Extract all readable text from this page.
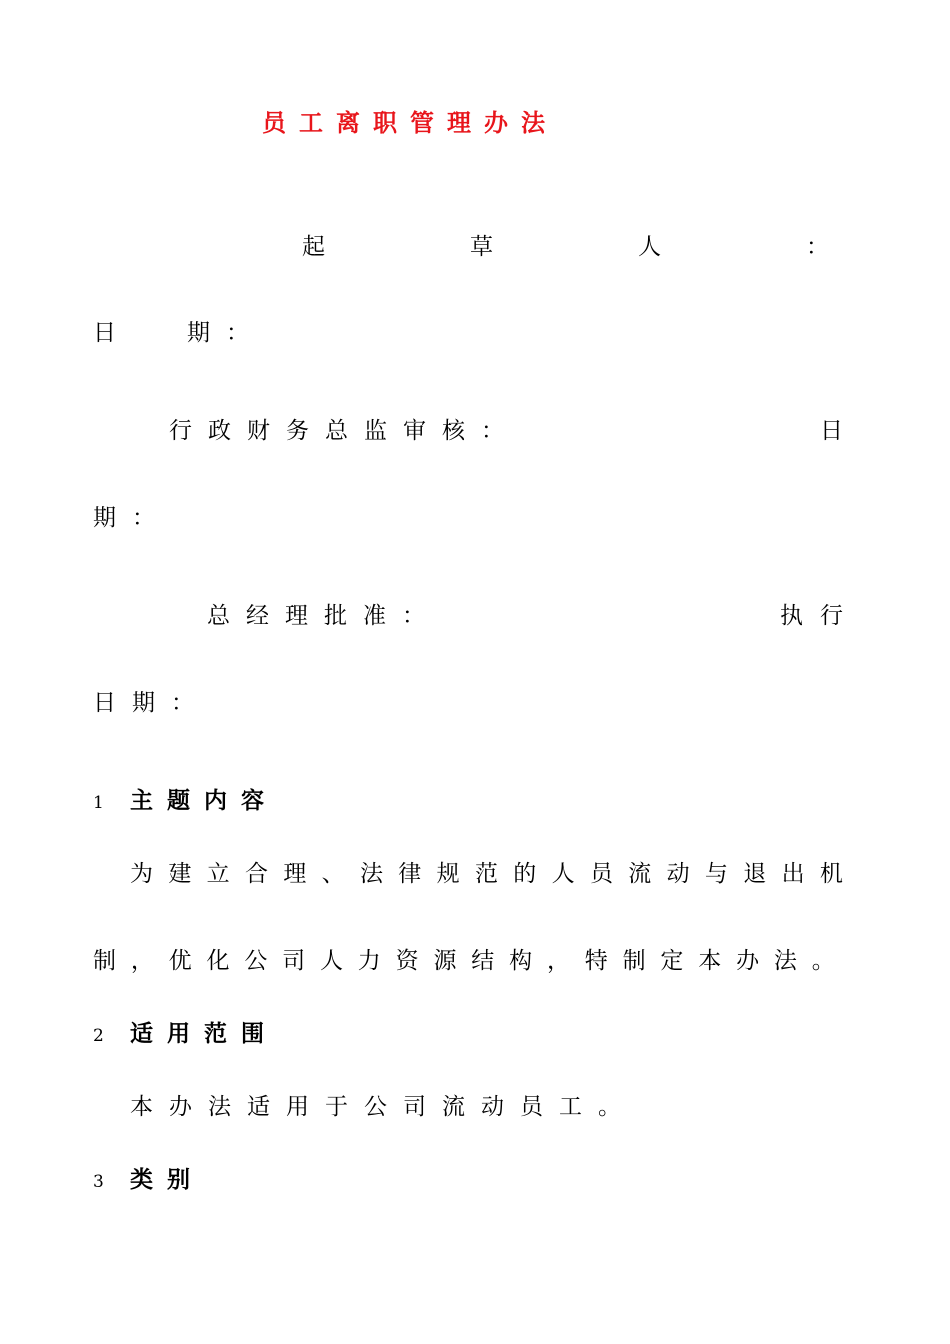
员工离职管理办法
起	草	人	：
日 期：
行政财务总监审核：	日
期：
总经理批准：	执行
日期：
1 主题内容
为 建 立 合 理 、 法 律 规 范 的 人 员 流 动 与 退 出 机
制 ， 优 化 公 司 人 力 资 源 结 构 ， 特 制 定 本 办 法 。
2 适用范围
本办法适用于公司流动员工。
3 类别
